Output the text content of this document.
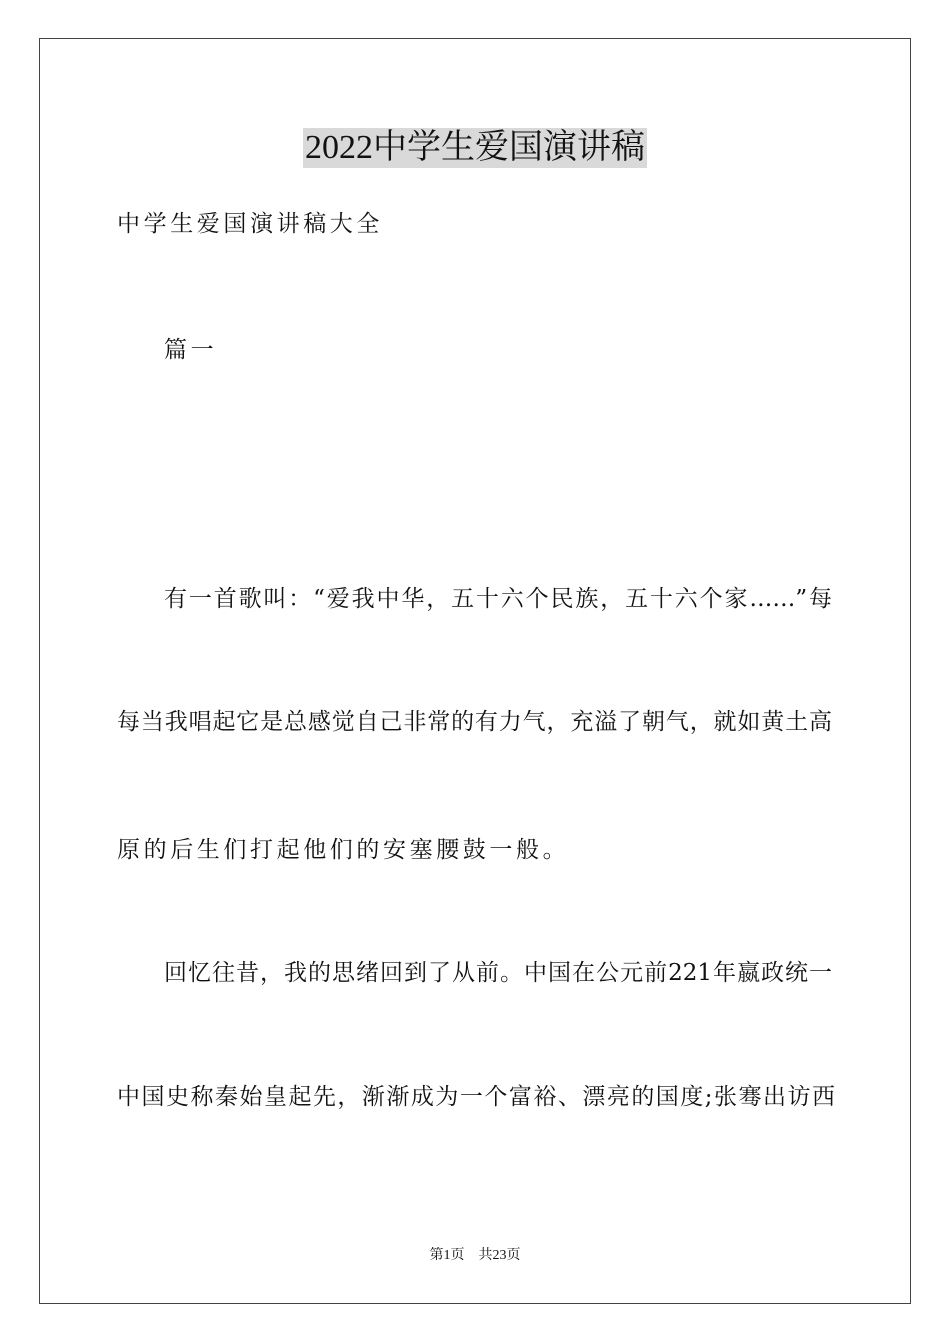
2022中学生爱国演讲稿
中学生爱国演讲稿大全
篇一
有一首歌叫：“爱我中华，五十六个民族，五十六个家……”每
每当我唱起它是总感觉自己非常的有力气，充溢了朝气，就如黄土高
原的后生们打起他们的安塞腰鼓一般。
回忆往昔，我的思绪回到了从前。中国在公元前221年嬴政统一
中国史称秦始皇起先，渐渐成为一个富裕、漂亮的国度;张骞出访西
第1页 共23页
